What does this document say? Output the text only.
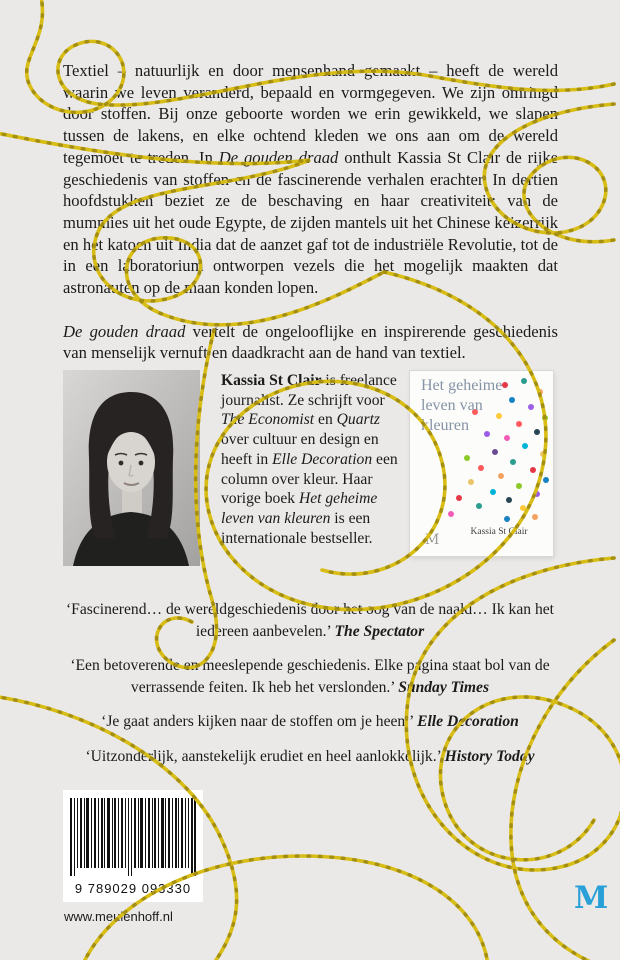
Textiel – natuurlijk en door mensenhand gemaakt – heeft de wereld waarin we leven veranderd, bepaald en vormgegeven. We zijn omringd door stoffen. Bij onze geboorte worden we erin gewikkeld, we slapen tussen de lakens, en elke ochtend kleden we ons aan om de wereld tegemoet te treden. In De gouden draad onthult Kassia St Clair de rijke geschiedenis van stoffen en de fascinerende verhalen erachter. In dertien hoofdstukken beziet ze de beschaving en haar creativiteit: van de mummies uit het oude Egypte, de zijden mantels uit het Chinese keizerrijk en het katoen uit India dat de aanzet gaf tot de industriële Revolutie, tot de in een laboratorium ontworpen vezels die het mogelijk maakten dat astronauten op de maan konden lopen.

De gouden draad vertelt de ongelooflijke en inspirerende geschiedenis van menselijk vernuft en daadkracht aan de hand van textiel.

Kassia St Clair is freelance journalist. Ze schrijft voor The Economist en Quartz over cultuur en design en heeft in Elle Decoration een column over kleur. Haar vorige boek Het geheime leven van kleuren is een internationale bestseller.

Het geheime leven van kleuren
Kassia St Clair
M

‘Fascinerend… de wereldgeschiedenis door het oog van de naald… Ik kan het iedereen aanbevelen.’ The Spectator

‘Een betoverende en meeslepende geschiedenis. Elke pagina staat bol van de verrassende feiten. Ik heb het verslonden.’ Sunday Times

‘Je gaat anders kijken naar de stoffen om je heen.’ Elle Decoration

‘Uitzonderlijk, aanstekelijk erudiet en heel aanlokkelijk.’ History Today

9 789029 093330
www.meulenhoff.nl
M
